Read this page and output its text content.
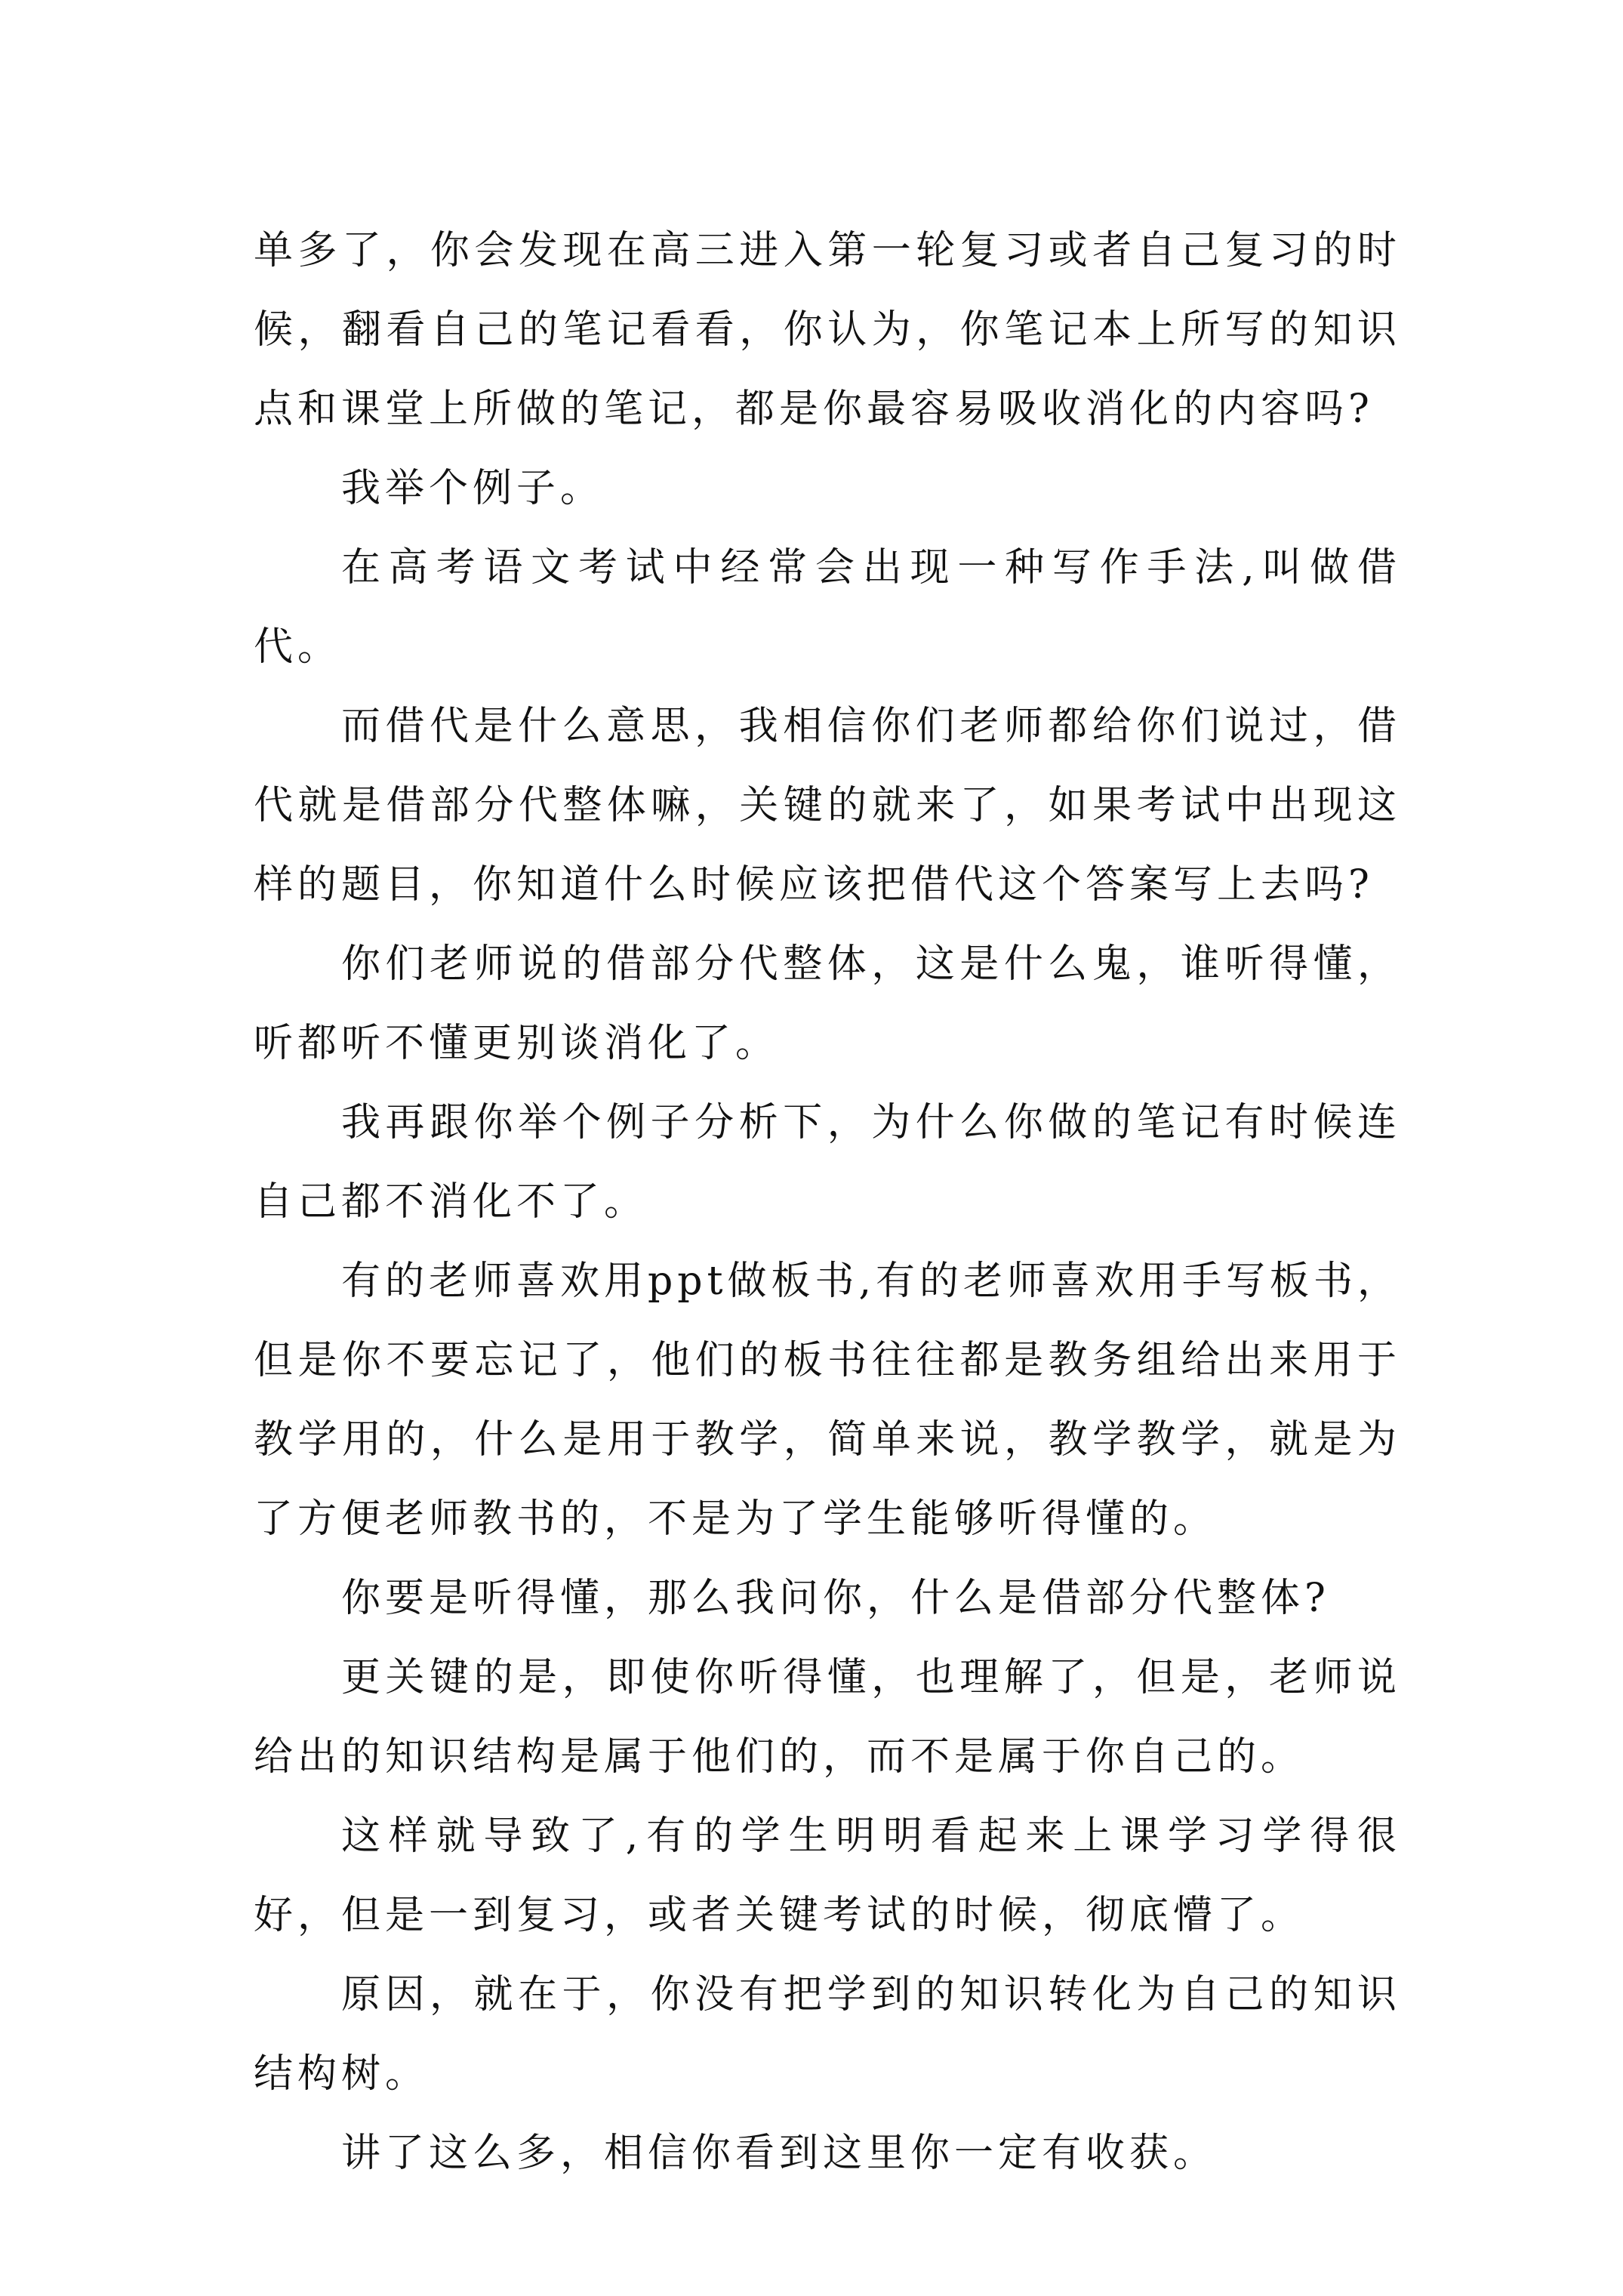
单多了，你会发现在高三进入第一轮复习或者自己复习的时候，翻看自己的笔记看看，你认为，你笔记本上所写的知识点和课堂上所做的笔记，都是你最容易吸收消化的内容吗?

我举个例子。

在高考语文考试中经常会出现一种写作手法,叫做借代。

而借代是什么意思，我相信你们老师都给你们说过，借代就是借部分代整体嘛，关键的就来了，如果考试中出现这样的题目，你知道什么时候应该把借代这个答案写上去吗?

你们老师说的借部分代整体，这是什么鬼，谁听得懂，听都听不懂更别谈消化了。

我再跟你举个例子分析下，为什么你做的笔记有时候连自己都不消化不了。

有的老师喜欢用ppt做板书,有的老师喜欢用手写板书，但是你不要忘记了，他们的板书往往都是教务组给出来用于教学用的，什么是用于教学，简单来说，教学教学，就是为了方便老师教书的，不是为了学生能够听得懂的。

你要是听得懂，那么我问你，什么是借部分代整体?

更关键的是，即使你听得懂，也理解了，但是，老师说给出的知识结构是属于他们的，而不是属于你自己的。

这样就导致了,有的学生明明看起来上课学习学得很好，但是一到复习，或者关键考试的时候，彻底懵了。

原因，就在于，你没有把学到的知识转化为自己的知识结构树。

讲了这么多，相信你看到这里你一定有收获。
